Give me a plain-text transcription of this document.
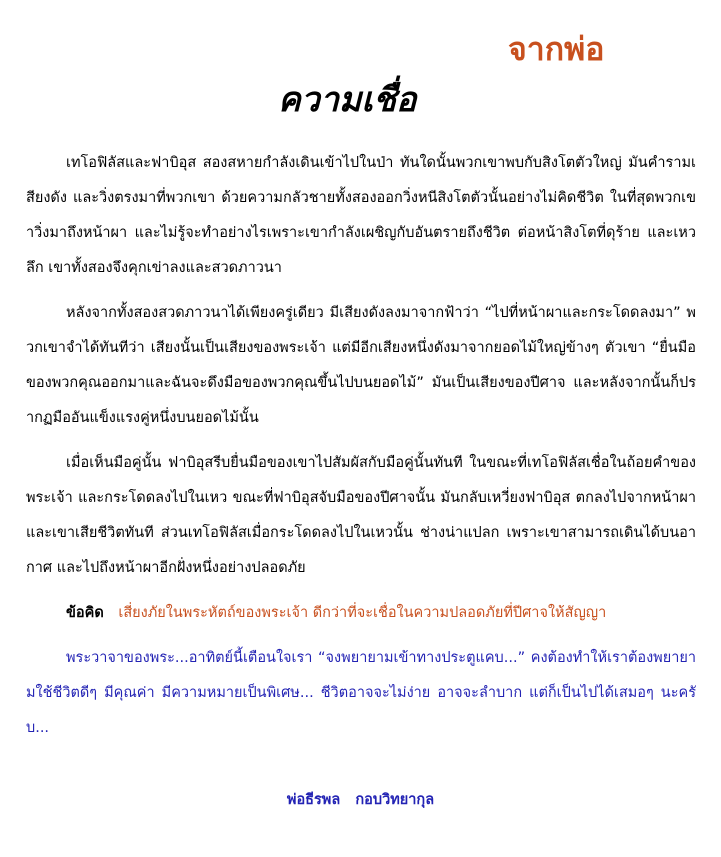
จากพ่อ
ความเชื่อ

เทโอฟิลัสและฟาบิอุส สองสหายกำลังเดินเข้าไปในป่า ทันใดนั้นพวกเขาพบกับสิงโตตัวใหญ่ มันคำรามเสียงดัง และวิ่งตรงมาที่พวกเขา ด้วยความกลัวชายทั้งสองออกวิ่งหนีสิงโตตัวนั้นอย่างไม่คิดชีวิต ในที่สุดพวกเขาวิ่งมาถึงหน้าผา และไม่รู้จะทำอย่างไรเพราะเขากำลังเผชิญกับอันตรายถึงชีวิต ต่อหน้าสิงโตที่ดุร้าย และเหวลึก เขาทั้งสองจึงคุกเข่าลงและสวดภาวนา

หลังจากทั้งสองสวดภาวนาได้เพียงครู่เดียว มีเสียงดังลงมาจากฟ้าว่า “ไปที่หน้าผาและกระโดดลงมา” พวกเขาจำได้ทันทีว่า เสียงนั้นเป็นเสียงของพระเจ้า แต่มีอีกเสียงหนึ่งดังมาจากยอดไม้ใหญ่ข้างๆ ตัวเขา “ยื่นมือของพวกคุณออกมาและฉันจะดึงมือของพวกคุณขึ้นไปบนยอดไม้” มันเป็นเสียงของปีศาจ และหลังจากนั้นก็ปรากฏมืออันแข็งแรงคู่หนึ่งบนยอดไม้นั้น

เมื่อเห็นมือคู่นั้น ฟาบิอุสรีบยื่นมือของเขาไปสัมผัสกับมือคู่นั้นทันที ในขณะที่เทโอฟิลัสเชื่อในถ้อยคำของพระเจ้า และกระโดดลงไปในเหว ขณะที่ฟาบิอุสจับมือของปีศาจนั้น มันกลับเหวี่ยงฟาบิอุส ตกลงไปจากหน้าผาและเขาเสียชีวิตทันที ส่วนเทโอฟิลัสเมื่อกระโดดลงไปในเหวนั้น ช่างน่าแปลก เพราะเขาสามารถเดินได้บนอากาศ และไปถึงหน้าผาอีกฝั่งหนึ่งอย่างปลอดภัย

ข้อคิด เสี่ยงภัยในพระหัตถ์ของพระเจ้า ดีกว่าที่จะเชื่อในความปลอดภัยที่ปีศาจให้สัญญา

พระวาจาของพระ...อาทิตย์นี้เตือนใจเรา “จงพยายามเข้าทางประตูแคบ...” คงต้องทำให้เราต้องพยายามใช้ชีวิตดีๆ มีคุณค่า มีความหมายเป็นพิเศษ... ชีวิตอาจจะไม่ง่าย อาจจะลำบาก แต่ก็เป็นไปได้เสมอๆ นะครับ...

พ่อธีรพล   กอบวิทยากุล
